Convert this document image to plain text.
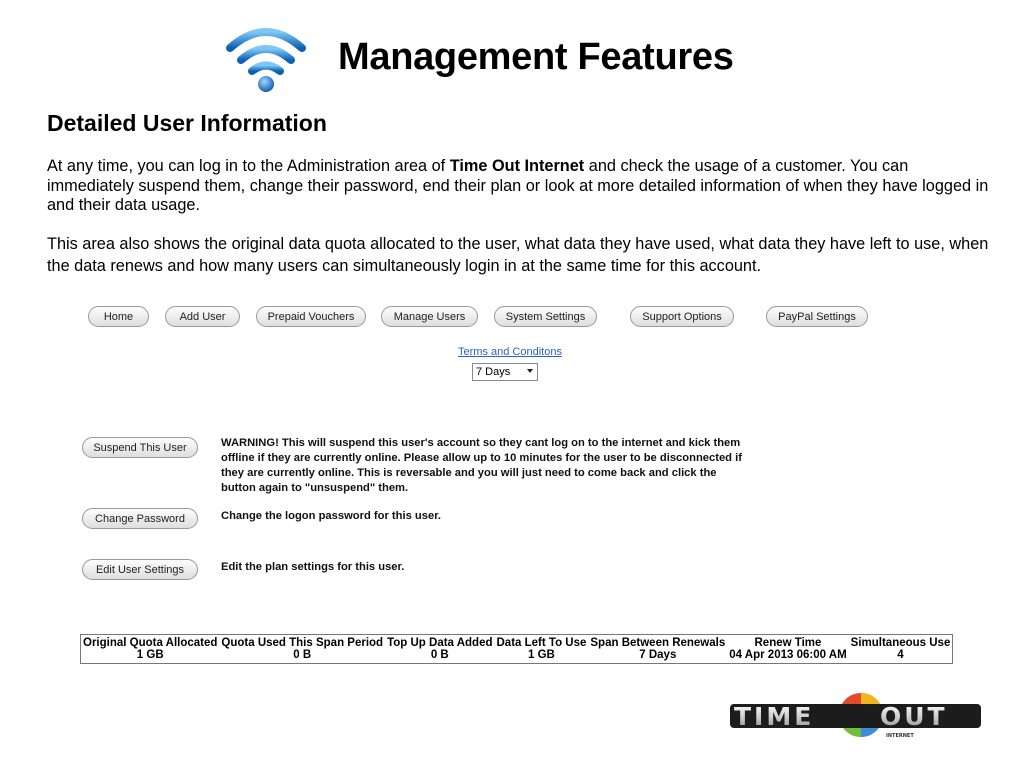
Management Features
Detailed User Information
At any time, you can log in to the Administration area of Time Out Internet and check the usage of a customer. You can immediately suspend them, change their password, end their plan or look at more detailed information of when they have logged in and their data usage.
This area also shows the original data quota allocated to the user, what data they have used, what data they have left to use, when the data renews and how many users can simultaneously login in at the same time for this account.
Home	Add User	Prepaid Vouchers	Manage Users	System Settings	Support Options	PayPal Settings
Terms and Conditons
7 Days
Suspend This User	WARNING! This will suspend this user's account so they cant log on to the internet and kick them offline if they are currently online. Please allow up to 10 minutes for the user to be disconnected if they are currently online. This is reversable and you will just need to come back and click the button again to "unsuspend" them.
Change Password	Change the logon password for this user.
Edit User Settings	Edit the plan settings for this user.
Original Quota Allocated	Quota Used This Span Period	Top Up Data Added	Data Left To Use	Span Between Renewals	Renew Time	Simultaneous Use
1 GB	0 B	0 B	1 GB	7 Days	04 Apr 2013 06:00 AM	4
TIME	OUT
INTERNET
